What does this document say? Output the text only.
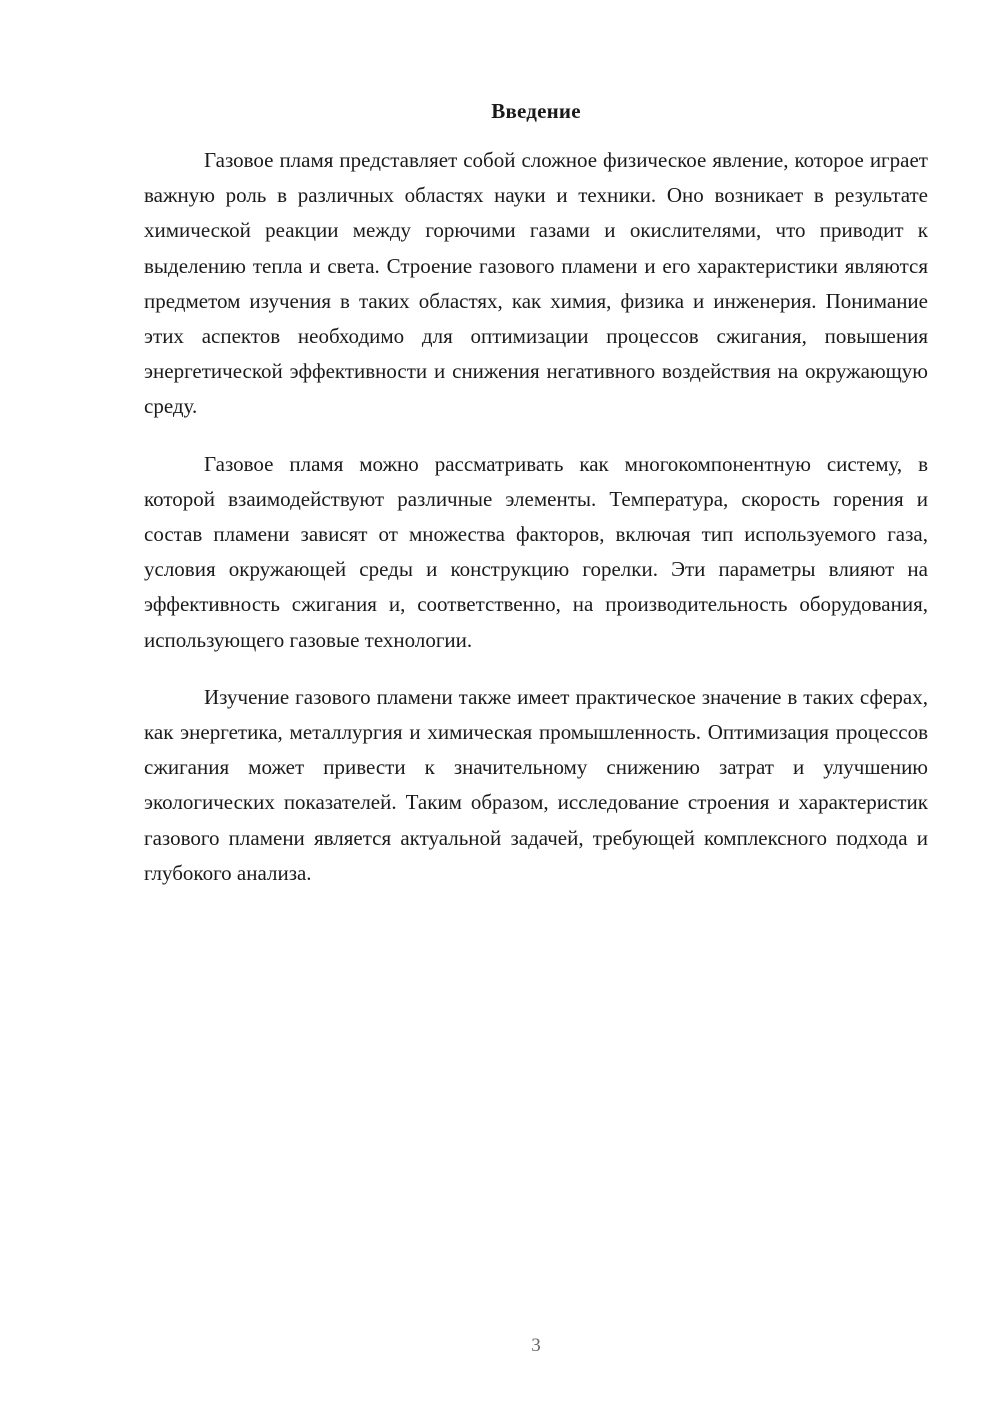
Введение

Газовое пламя представляет собой сложное физическое явление, которое играет важную роль в различных областях науки и техники. Оно возникает в результате химической реакции между горючими газами и окислителями, что приводит к выделению тепла и света. Строение газового пламени и его характеристики являются предметом изучения в таких областях, как химия, физика и инженерия. Понимание этих аспектов необходимо для оптимизации процессов сжигания, повышения энергетической эффективности и снижения негативного воздействия на окружающую среду.

Газовое пламя можно рассматривать как многокомпонентную систему, в которой взаимодействуют различные элементы. Температура, скорость горения и состав пламени зависят от множества факторов, включая тип используемого газа, условия окружающей среды и конструкцию горелки. Эти параметры влияют на эффективность сжигания и, соответственно, на производительность оборудования, использующего газовые технологии.

Изучение газового пламени также имеет практическое значение в таких сферах, как энергетика, металлургия и химическая промышленность. Оптимизация процессов сжигания может привести к значительному снижению затрат и улучшению экологических показателей. Таким образом, исследование строения и характеристик газового пламени является актуальной задачей, требующей комплексного подхода и глубокого анализа.

3
